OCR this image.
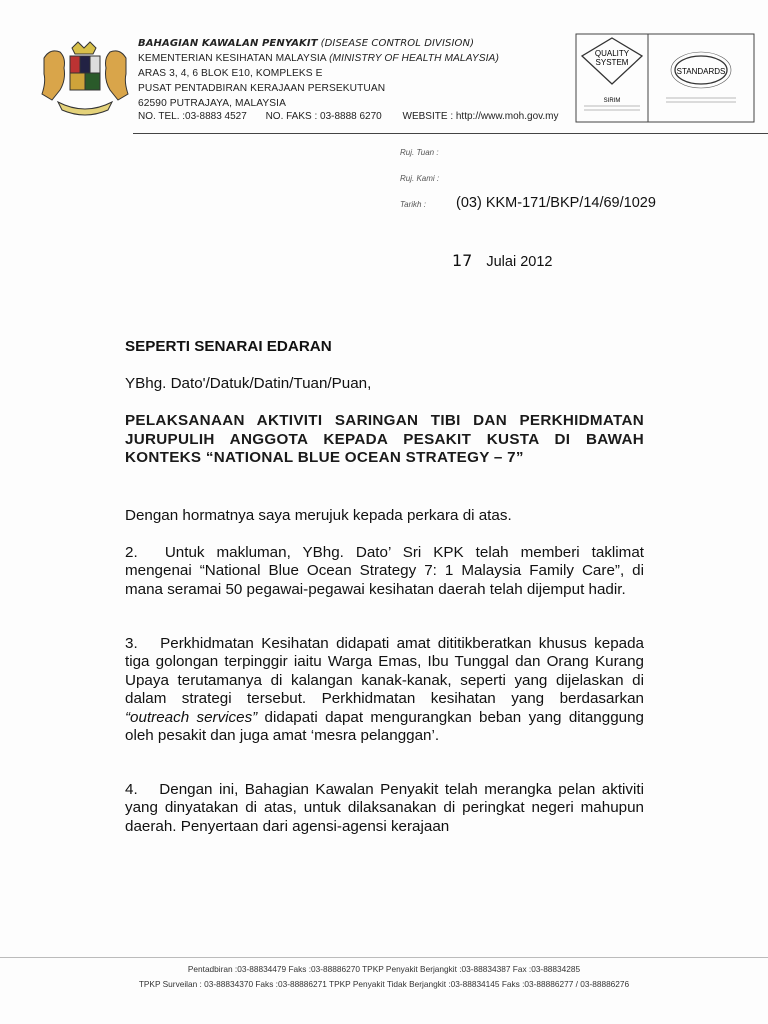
BAHAGIAN KAWALAN PENYAKIT (DISEASE CONTROL DIVISION)
KEMENTERIAN KESIHATAN MALAYSIA (MINISTRY OF HEALTH MALAYSIA)
ARAS 3, 4, 6 BLOK E10, KOMPLEKS E
PUSAT PENTADBIRAN KERAJAAN PERSEKUTUAN
62590 PUTRAJAYA, MALAYSIA
NO. TEL. :03-8883 4527 NO. FAKS : 03-8888 6270 WEBSITE : http://www.moh.gov.my
QUALITY
SYSTEM
SIRIM
STANDARDS
Ruj. Tuan :
Ruj. Kami :
Tarikh : (03) KKM-171/BKP/14/69/1029
17 Julai 2012
SEPERTI SENARAI EDARAN
YBhg. Dato'/Datuk/Datin/Tuan/Puan,
PELAKSANAAN AKTIVITI SARINGAN TIBI DAN PERKHIDMATAN JURUPULIH ANGGOTA KEPADA PESAKIT KUSTA DI BAWAH KONTEKS “NATIONAL BLUE OCEAN STRATEGY – 7”
Dengan hormatnya saya merujuk kepada perkara di atas.

2.  Untuk makluman, YBhg. Dato’ Sri KPK telah memberi taklimat mengenai “National Blue Ocean Strategy 7: 1 Malaysia Family Care”, di mana seramai 50 pegawai-pegawai kesihatan daerah telah dijemput hadir.

3.  Perkhidmatan Kesihatan didapati amat dititikberatkan khusus kepada tiga golongan terpinggir iaitu Warga Emas, Ibu Tunggal dan Orang Kurang Upaya terutamanya di kalangan kanak-kanak, seperti yang dijelaskan di dalam strategi tersebut. Perkhidmatan kesihatan yang berdasarkan “outreach services” didapati dapat mengurangkan beban yang ditanggung oleh pesakit dan juga amat ‘mesra pelanggan’.

4.  Dengan ini, Bahagian Kawalan Penyakit telah merangka pelan aktiviti yang dinyatakan di atas, untuk dilaksanakan di peringkat negeri mahupun daerah. Penyertaan dari agensi-agensi kerajaan

Pentadbiran :03-88834479 Faks :03-88886270 TPKP Penyakit Berjangkit :03-88834387 Fax :03-88834285
TPKP Surveilan : 03-88834370 Faks :03-88886271 TPKP Penyakit Tidak Berjangkit :03-88834145 Faks :03-88886277 / 03-88886276
